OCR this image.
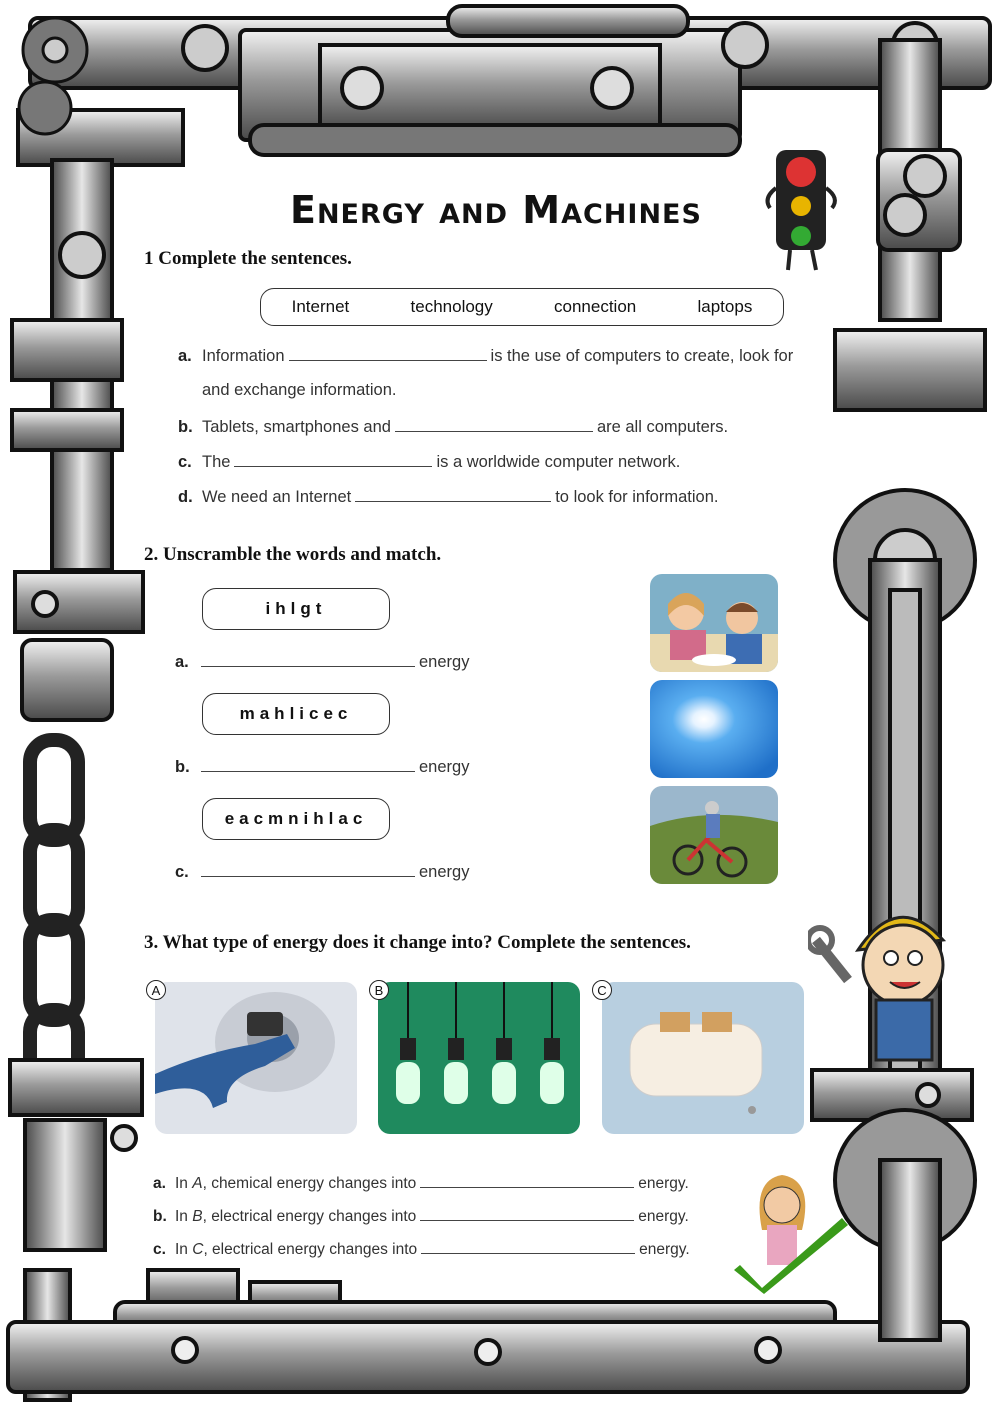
Energy and Machines
1 Complete the sentences.
Internet	technology	connection	laptops
a. Information	is the use of computers to create, look for
and exchange information.
b. Tablets, smartphones and	are all computers.
c. The	is a worldwide computer network.
d. We need an Internet	to look for information.
2. Unscramble the words and match.
ihlgt
a.	energy
mahlicec
b.	energy
eacmnihlac
c.	energy
3. What type of energy does it change into? Complete the sentences.
A	B	C
a. In A, chemical energy changes into	energy.
b. In B, electrical energy changes into	energy.
c. In C, electrical energy changes into	energy.
